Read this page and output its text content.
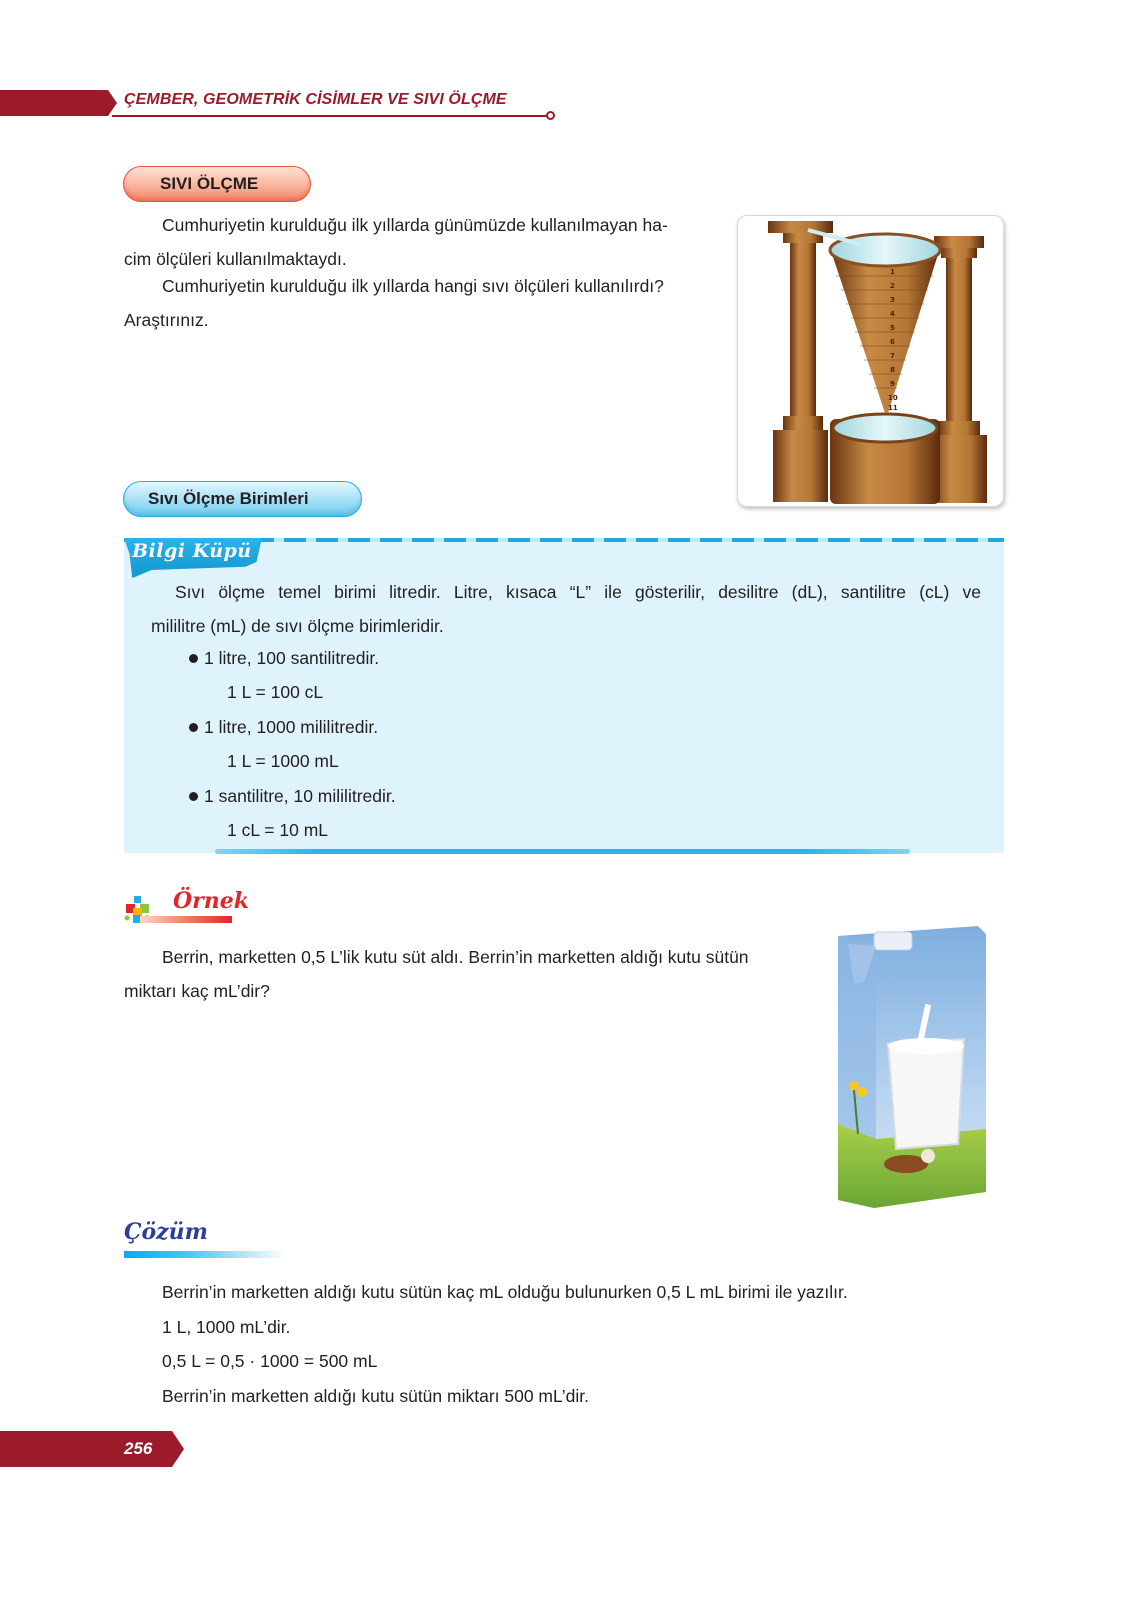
ÇEMBER, GEOMETRİK CİSİMLER VE SIVI ÖLÇME
SIVI ÖLÇME
Cumhuriyetin kurulduğu ilk yıllarda günümüzde kullanılmayan ha-
cim ölçüleri kullanılmaktaydı.
Cumhuriyetin kurulduğu ilk yıllarda hangi sıvı ölçüleri kullanılırdı?
Araştırınız.
1
2
3
4
5
6
7
8
9
10
11
Sıvı Ölçme Birimleri
Bilgi Küpü
Sıvı ölçme temel birimi litredir. Litre, kısaca “L” ile gösterilir, desilitre (dL), santilitre (cL) ve
mililitre (mL) de sıvı ölçme birimleridir.
1 litre, 100 santilitredir.
1 L = 100 cL
1 litre, 1000 mililitredir.
1 L = 1000 mL
1 santilitre, 10 mililitredir.
1 cL = 10 mL
Örnek
Berrin, marketten 0,5 L’lik kutu süt aldı. Berrin’in marketten aldığı kutu sütün
miktarı kaç mL’dir?
Çözüm
Berrin’in marketten aldığı kutu sütün kaç mL olduğu bulunurken 0,5 L mL birimi ile yazılır.
1 L, 1000 mL’dir.
0,5 L = 0,5 · 1000 = 500 mL
Berrin’in marketten aldığı kutu sütün miktarı 500 mL’dir.
256
